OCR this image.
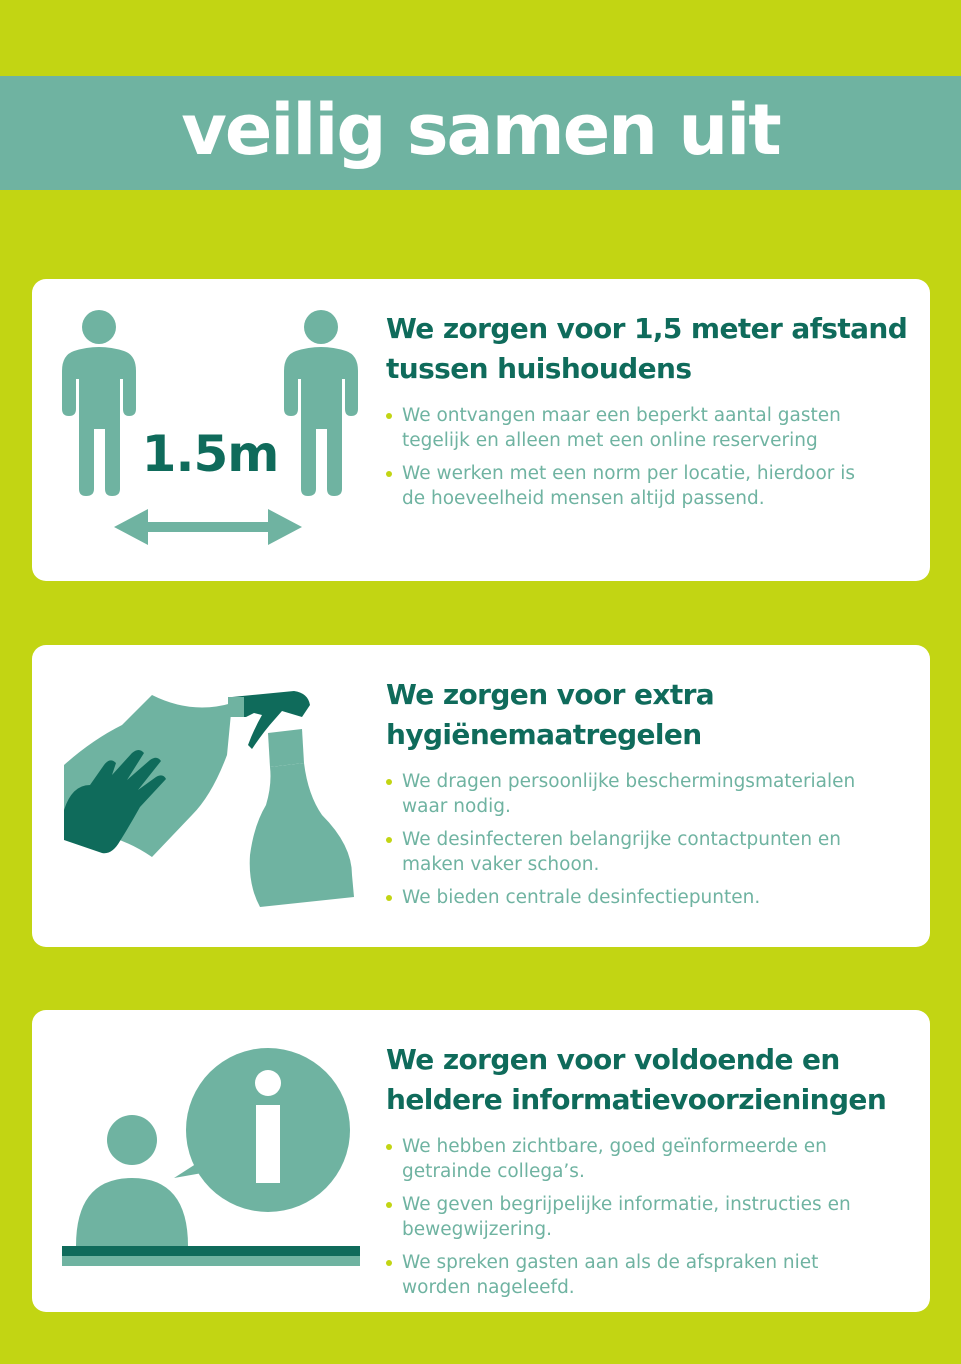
veilig samen uit
1.5m
We zorgen voor 1,5 meter afstand
tussen huishoudens
We ontvangen maar een beperkt aantal gasten
tegelijk en alleen met een online reservering
We werken met een norm per locatie, hierdoor is
de hoeveelheid mensen altijd passend.
We zorgen voor extra
hygiënemaatregelen
We dragen persoonlijke beschermingsmaterialen
waar nodig.
We desinfecteren belangrijke contactpunten en
maken vaker schoon.
We bieden centrale desinfectiepunten.
We zorgen voor voldoende en
heldere informatievoorzieningen
We hebben zichtbare, goed geïnformeerde en
getrainde collega’s.
We geven begrijpelijke informatie, instructies en
bewegwijzering.
We spreken gasten aan als de afspraken niet
worden nageleefd.
